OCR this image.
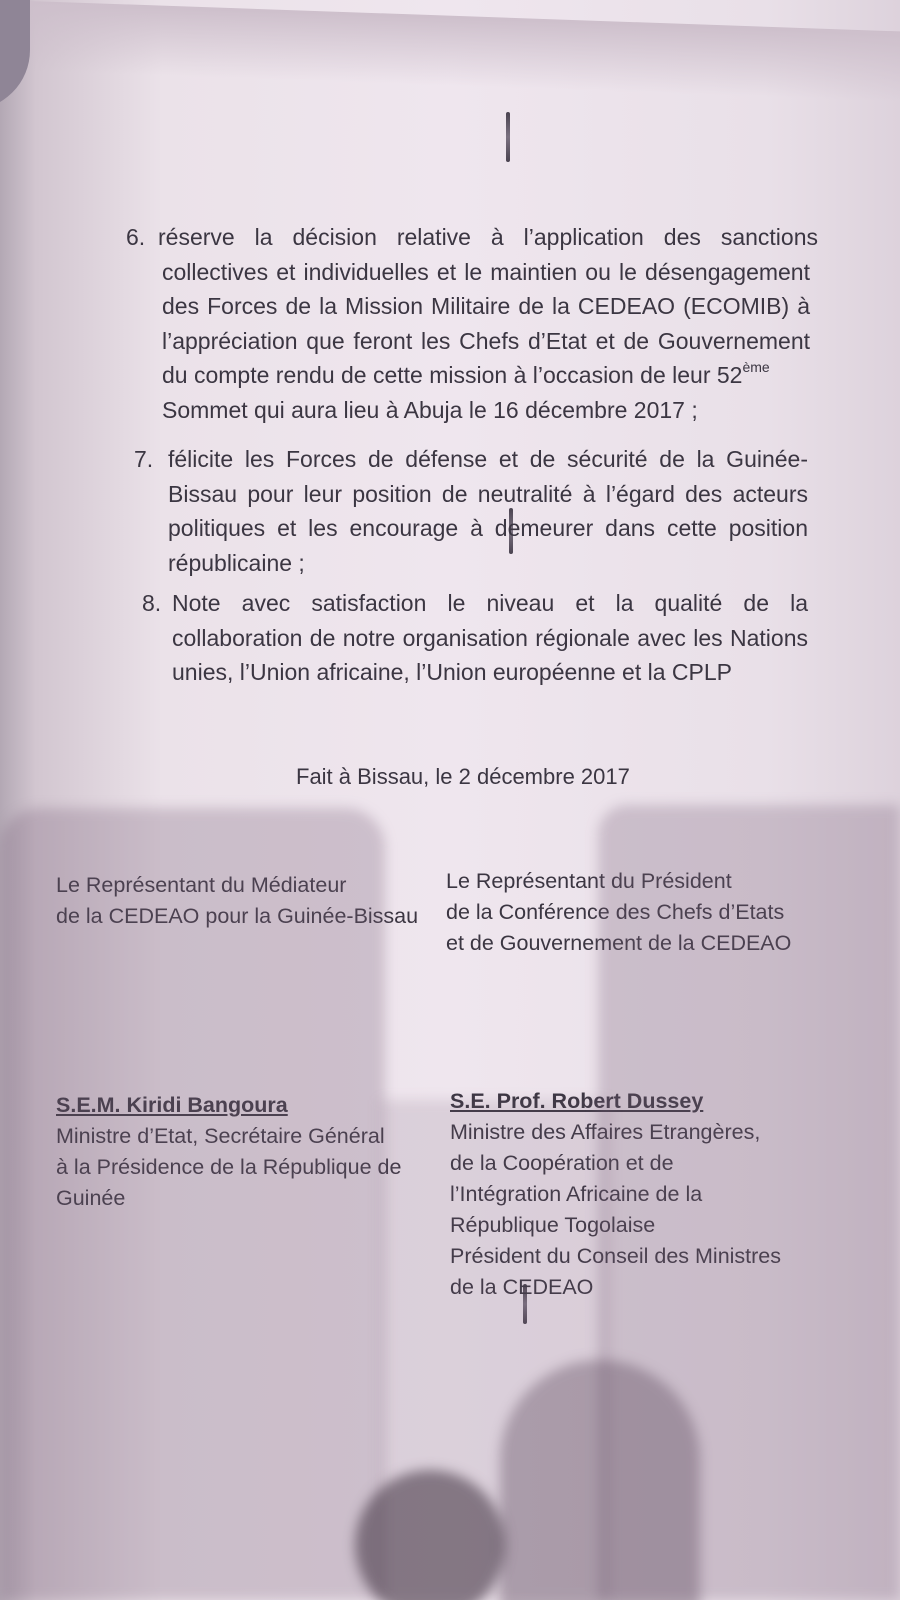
6. réserve la décision relative à l’application des sanctions
collectives et individuelles et le maintien ou le désengagement
des Forces de la Mission Militaire de la CEDEAO (ECOMIB) à
l’appréciation que feront les Chefs d’Etat et de Gouvernement
du compte rendu de cette mission à l’occasion de leur 52ème
Sommet qui aura lieu à Abuja le 16 décembre 2017 ;
7. félicite les Forces de défense et de sécurité de la Guinée-
Bissau pour leur position de neutralité à l’égard des acteurs
politiques et les encourage à demeurer dans cette position
républicaine ;
8. Note avec satisfaction le niveau et la qualité de la
collaboration de notre organisation régionale avec les Nations
unies, l’Union africaine, l’Union européenne et la CPLP
Fait à Bissau, le 2 décembre 2017
Le Représentant du Médiateur
de la CEDEAO pour la Guinée-Bissau
Le Représentant du Président
de la Conférence des Chefs d’Etats
et de Gouvernement de la CEDEAO
S.E.M. Kiridi Bangoura
Ministre d’Etat, Secrétaire Général
à la Présidence de la République de
Guinée
S.E. Prof. Robert Dussey
Ministre des Affaires Etrangères,
de la Coopération et de
l’Intégration Africaine de la
République Togolaise
Président du Conseil des Ministres
de la CEDEAO
